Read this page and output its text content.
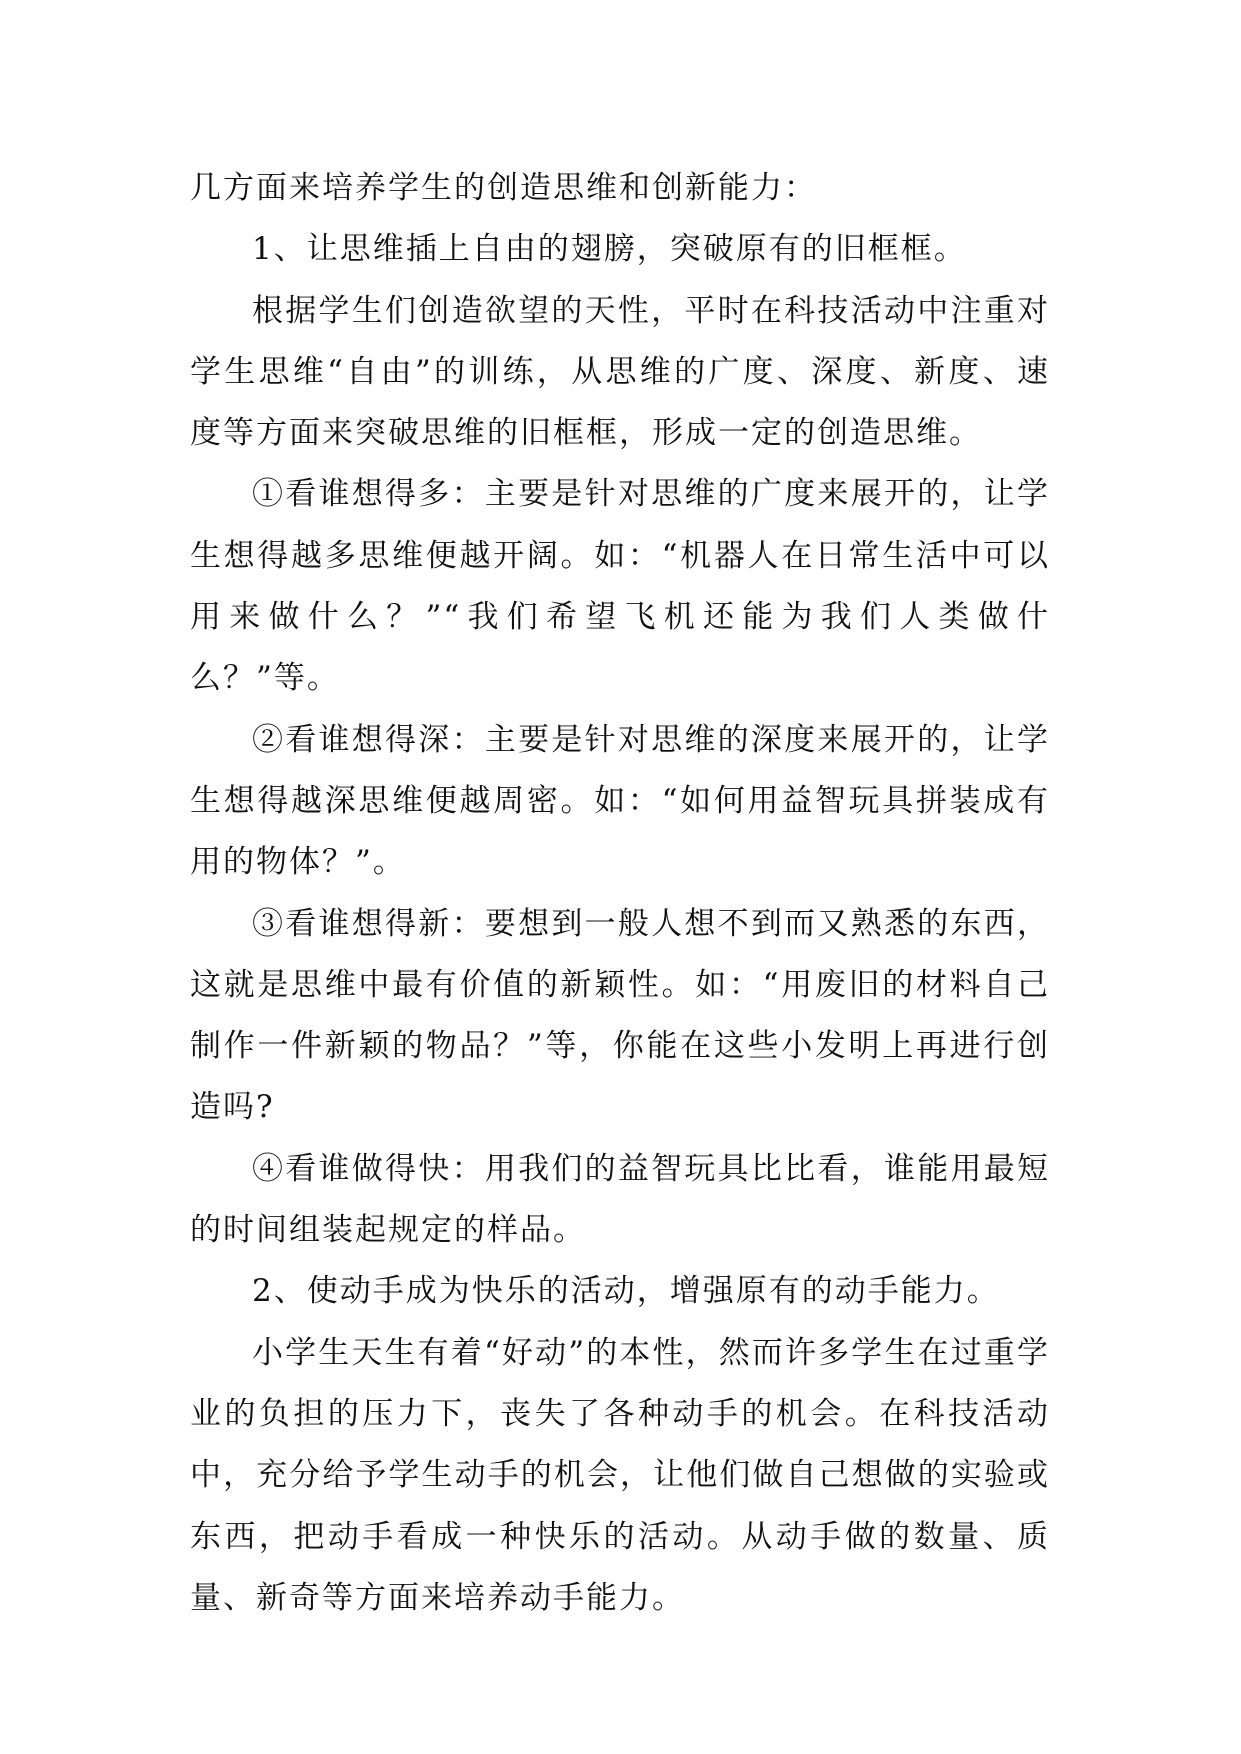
几方面来培养学生的创造思维和创新能力：

1、让思维插上自由的翅膀，突破原有的旧框框。

根据学生们创造欲望的天性，平时在科技活动中注重对学生思维“自由”的训练，从思维的广度、深度、新度、速度等方面来突破思维的旧框框，形成一定的创造思维。

①看谁想得多：主要是针对思维的广度来展开的，让学生想得越多思维便越开阔。如：“机器人在日常生活中可以用来做什么？”“我们希望飞机还能为我们人类做什么？”等。

②看谁想得深：主要是针对思维的深度来展开的，让学生想得越深思维便越周密。如：“如何用益智玩具拼装成有用的物体？”。

③看谁想得新：要想到一般人想不到而又熟悉的东西，这就是思维中最有价值的新颖性。如：“用废旧的材料自己制作一件新颖的物品？”等，你能在这些小发明上再进行创造吗?

④看谁做得快：用我们的益智玩具比比看，谁能用最短的时间组装起规定的样品。

2、使动手成为快乐的活动，增强原有的动手能力。

小学生天生有着“好动”的本性，然而许多学生在过重学业的负担的压力下，丧失了各种动手的机会。在科技活动中，充分给予学生动手的机会，让他们做自己想做的实验或东西，把动手看成一种快乐的活动。从动手做的数量、质量、新奇等方面来培养动手能力。
